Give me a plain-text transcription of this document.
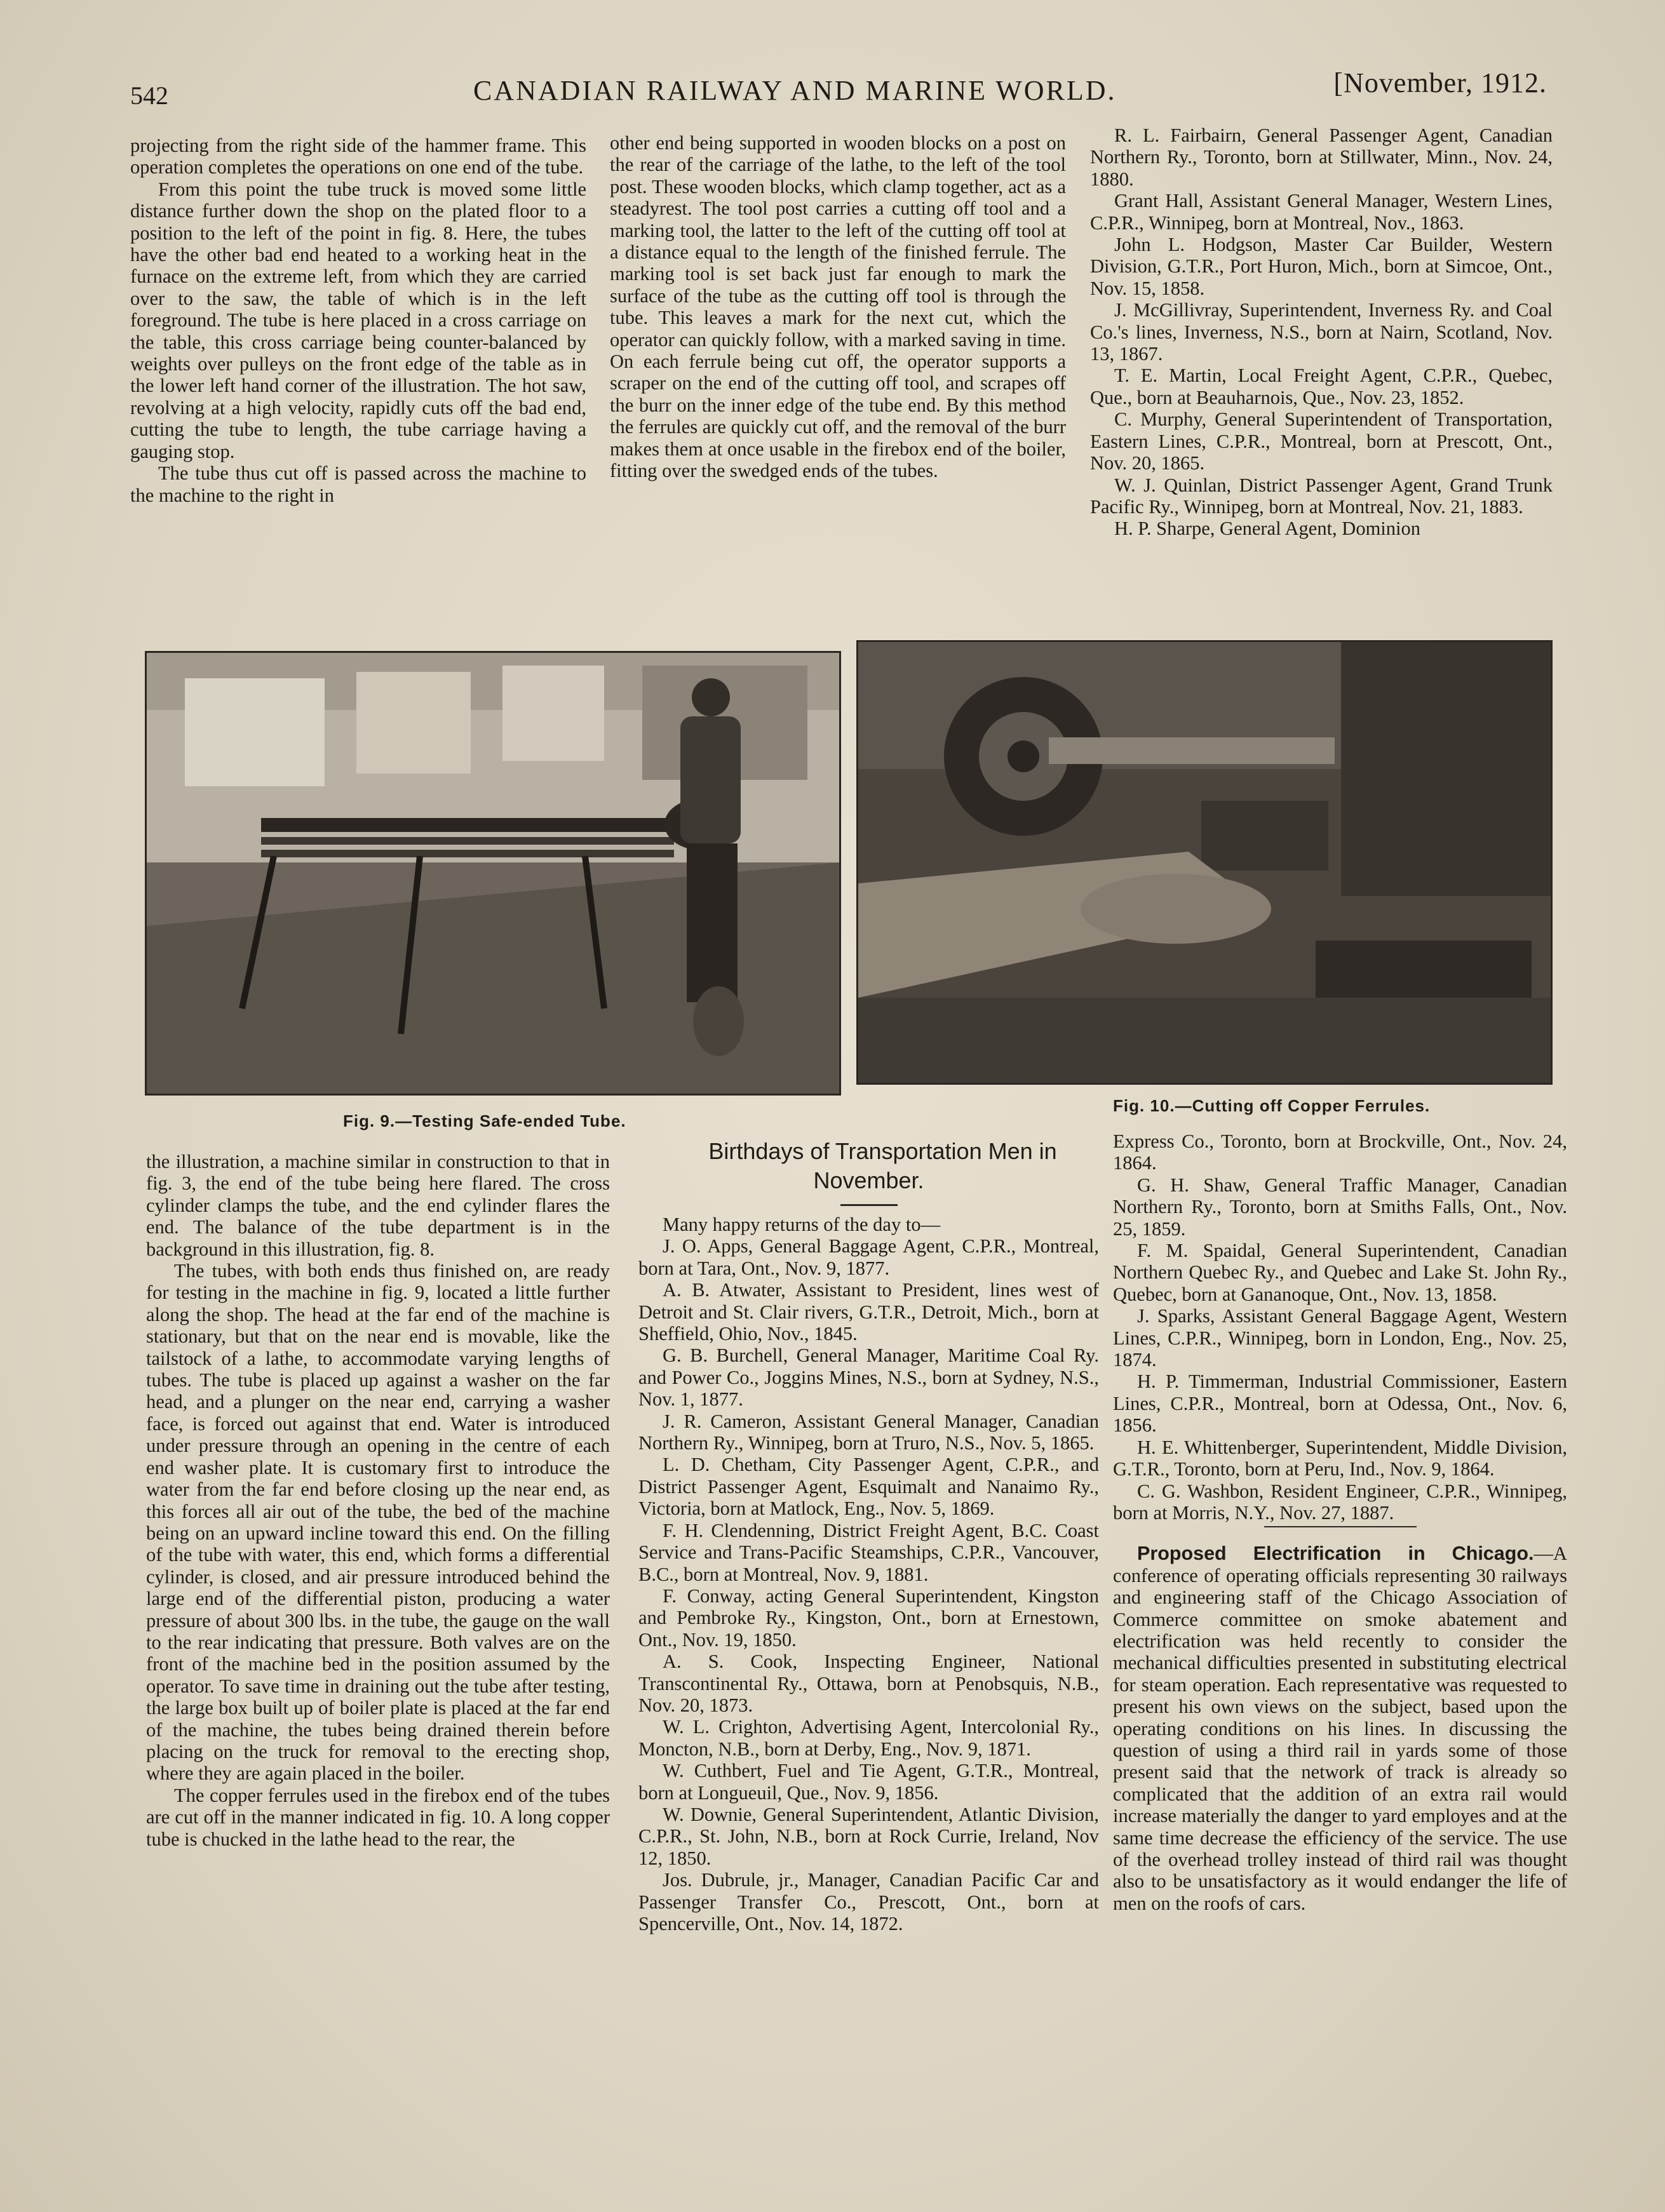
542	CANADIAN RAILWAY AND MARINE WORLD.	[November, 1912.

projecting from the right side of the hammer frame. This operation completes the operations on one end of the tube.

From this point the tube truck is moved some little distance further down the shop on the plated floor to a position to the left of the point in fig. 8. Here, the tubes have the other bad end heated to a working heat in the furnace on the extreme left, from which they are carried over to the saw, the table of which is in the left foreground. The tube is here placed in a cross carriage on the table, this cross carriage being counter-balanced by weights over pulleys on the front edge of the table as in the lower left hand corner of the illustration. The hot saw, revolving at a high velocity, rapidly cuts off the bad end, cutting the tube to length, the tube carriage having a gauging stop.

The tube thus cut off is passed across the machine to the machine to the right in

other end being supported in wooden blocks on a post on the rear of the carriage of the lathe, to the left of the tool post. These wooden blocks, which clamp together, act as a steadyrest. The tool post carries a cutting off tool and a marking tool, the latter to the left of the cutting off tool at a distance equal to the length of the finished ferrule. The marking tool is set back just far enough to mark the surface of the tube as the cutting off tool is through the tube. This leaves a mark for the next cut, which the operator can quickly follow, with a marked saving in time. On each ferrule being cut off, the operator supports a scraper on the end of the cutting off tool, and scrapes off the burr on the inner edge of the tube end. By this method the ferrules are quickly cut off, and the removal of the burr makes them at once usable in the firebox end of the boiler, fitting over the swedged ends of the tubes.

R. L. Fairbairn, General Passenger Agent, Canadian Northern Ry., Toronto, born at Stillwater, Minn., Nov. 24, 1880.

Grant Hall, Assistant General Manager, Western Lines, C.P.R., Winnipeg, born at Montreal, Nov., 1863.

John L. Hodgson, Master Car Builder, Western Division, G.T.R., Port Huron, Mich., born at Simcoe, Ont., Nov. 15, 1858.

J. McGillivray, Superintendent, Inverness Ry. and Coal Co.'s lines, Inverness, N.S., born at Nairn, Scotland, Nov. 13, 1867.

T. E. Martin, Local Freight Agent, C.P.R., Quebec, Que., born at Beauharnois, Que., Nov. 23, 1852.

C. Murphy, General Superintendent of Transportation, Eastern Lines, C.P.R., Montreal, born at Prescott, Ont., Nov. 20, 1865.

W. J. Quinlan, District Passenger Agent, Grand Trunk Pacific Ry., Winnipeg, born at Montreal, Nov. 21, 1883.

H. P. Sharpe, General Agent, Dominion

Fig. 9.—Testing Safe-ended Tube.
Fig. 10.—Cutting off Copper Ferrules.

the illustration, a machine similar in construction to that in fig. 3, the end of the tube being here flared. The cross cylinder clamps the tube, and the end cylinder flares the end. The balance of the tube department is in the background in this illustration, fig. 8.

The tubes, with both ends thus finished on, are ready for testing in the machine in fig. 9, located a little further along the shop. The head at the far end of the machine is stationary, but that on the near end is movable, like the tailstock of a lathe, to accommodate varying lengths of tubes. The tube is placed up against a washer on the far head, and a plunger on the near end, carrying a washer face, is forced out against that end. Water is introduced under pressure through an opening in the centre of each end washer plate. It is customary first to introduce the water from the far end before closing up the near end, as this forces all air out of the tube, the bed of the machine being on an upward incline toward this end. On the filling of the tube with water, this end, which forms a differential cylinder, is closed, and air pressure introduced behind the large end of the differential piston, producing a water pressure of about 300 lbs. in the tube, the gauge on the wall to the rear indicating that pressure. Both valves are on the front of the machine bed in the position assumed by the operator. To save time in draining out the tube after testing, the large box built up of boiler plate is placed at the far end of the machine, the tubes being drained therein before placing on the truck for removal to the erecting shop, where they are again placed in the boiler.

The copper ferrules used in the firebox end of the tubes are cut off in the manner indicated in fig. 10. A long copper tube is chucked in the lathe head to the rear, the

Birthdays of Transportation Men in November.

Many happy returns of the day to—

J. O. Apps, General Baggage Agent, C.P.R., Montreal, born at Tara, Ont., Nov. 9, 1877.

A. B. Atwater, Assistant to President, lines west of Detroit and St. Clair rivers, G.T.R., Detroit, Mich., born at Sheffield, Ohio, Nov., 1845.

G. B. Burchell, General Manager, Maritime Coal Ry. and Power Co., Joggins Mines, N.S., born at Sydney, N.S., Nov. 1, 1877.

J. R. Cameron, Assistant General Manager, Canadian Northern Ry., Winnipeg, born at Truro, N.S., Nov. 5, 1865.

L. D. Chetham, City Passenger Agent, C.P.R., and District Passenger Agent, Esquimalt and Nanaimo Ry., Victoria, born at Matlock, Eng., Nov. 5, 1869.

F. H. Clendenning, District Freight Agent, B.C. Coast Service and Trans-Pacific Steamships, C.P.R., Vancouver, B.C., born at Montreal, Nov. 9, 1881.

F. Conway, acting General Superintendent, Kingston and Pembroke Ry., Kingston, Ont., born at Ernestown, Ont., Nov. 19, 1850.

A. S. Cook, Inspecting Engineer, National Transcontinental Ry., Ottawa, born at Penobsquis, N.B., Nov. 20, 1873.

W. L. Crighton, Advertising Agent, Intercolonial Ry., Moncton, N.B., born at Derby, Eng., Nov. 9, 1871.

W. Cuthbert, Fuel and Tie Agent, G.T.R., Montreal, born at Longueuil, Que., Nov. 9, 1856.

W. Downie, General Superintendent, Atlantic Division, C.P.R., St. John, N.B., born at Rock Currie, Ireland, Nov 12, 1850.

Jos. Dubrule, jr., Manager, Canadian Pacific Car and Passenger Transfer Co., Prescott, Ont., born at Spencerville, Ont., Nov. 14, 1872.

Express Co., Toronto, born at Brockville, Ont., Nov. 24, 1864.

G. H. Shaw, General Traffic Manager, Canadian Northern Ry., Toronto, born at Smiths Falls, Ont., Nov. 25, 1859.

F. M. Spaidal, General Superintendent, Canadian Northern Quebec Ry., and Quebec and Lake St. John Ry., Quebec, born at Gananoque, Ont., Nov. 13, 1858.

J. Sparks, Assistant General Baggage Agent, Western Lines, C.P.R., Winnipeg, born in London, Eng., Nov. 25, 1874.

H. P. Timmerman, Industrial Commissioner, Eastern Lines, C.P.R., Montreal, born at Odessa, Ont., Nov. 6, 1856.

H. E. Whittenberger, Superintendent, Middle Division, G.T.R., Toronto, born at Peru, Ind., Nov. 9, 1864.

C. G. Washbon, Resident Engineer, C.P.R., Winnipeg, born at Morris, N.Y., Nov. 27, 1887.

Proposed Electrification in Chicago.—A conference of operating officials representing 30 railways and engineering staff of the Chicago Association of Commerce committee on smoke abatement and electrification was held recently to consider the mechanical difficulties presented in substituting electrical for steam operation. Each representative was requested to present his own views on the subject, based upon the operating conditions on his lines. In discussing the question of using a third rail in yards some of those present said that the network of track is already so complicated that the addition of an extra rail would increase materially the danger to yard employes and at the same time decrease the efficiency of the service. The use of the overhead trolley instead of third rail was thought also to be unsatisfactory as it would endanger the life of men on the roofs of cars.
